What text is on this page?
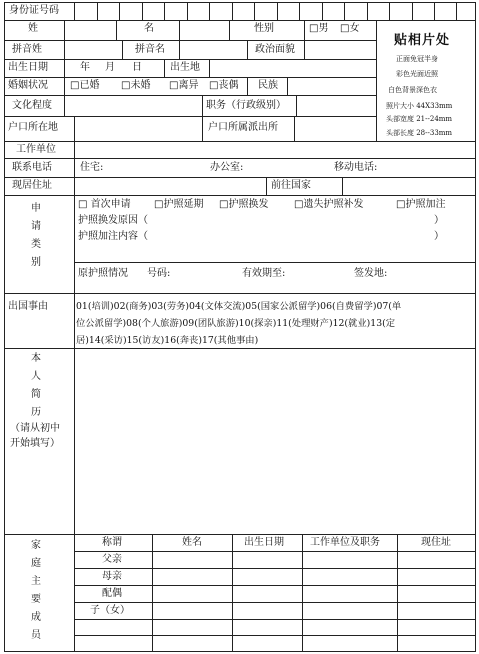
身份证号码
姓	名	性别	□男 □女
拼音姓	拼音名	政治面貌
出生日期	年 月 日	出生地
婚姻状况 □已婚 □未婚 □离异 □丧偶 民族
文化程度	职务（行政级别）
户口所在地	户口所属派出所
工作单位
联系电话	住宅:	办公室:	移动电话:
现居住址	前往国家
贴相片处
正面免冠半身
彩色光面近照
白色背景深色衣
照片大小 44X33mm
头部宽度 21--24mm
头部长度 28--33mm
申
请
类
别
□ 首次申请 □护照延期 □护照换发	□遗失护照补发	□护照加注
护照换发原因（	）
护照加注内容（	）
原护照情况 号码:	有效期至:	签发地:
出国事由	01(培训)02(商务)03(劳务)04(文体交流)05(国家公派留学)06(自费留学)07(单
位公派留学)08(个人旅游)09(团队旅游)10(探亲)11(处理财产)12(就业)13(定
居)14(采访)15(访友)16(奔丧)17(其他事由)
本
人
简
历
（请从初中
开始填写）
家
庭
主
要
成
员
称谓	姓名	出生日期	工作单位及职务	现住址
父亲
母亲
配偶
子（女）
